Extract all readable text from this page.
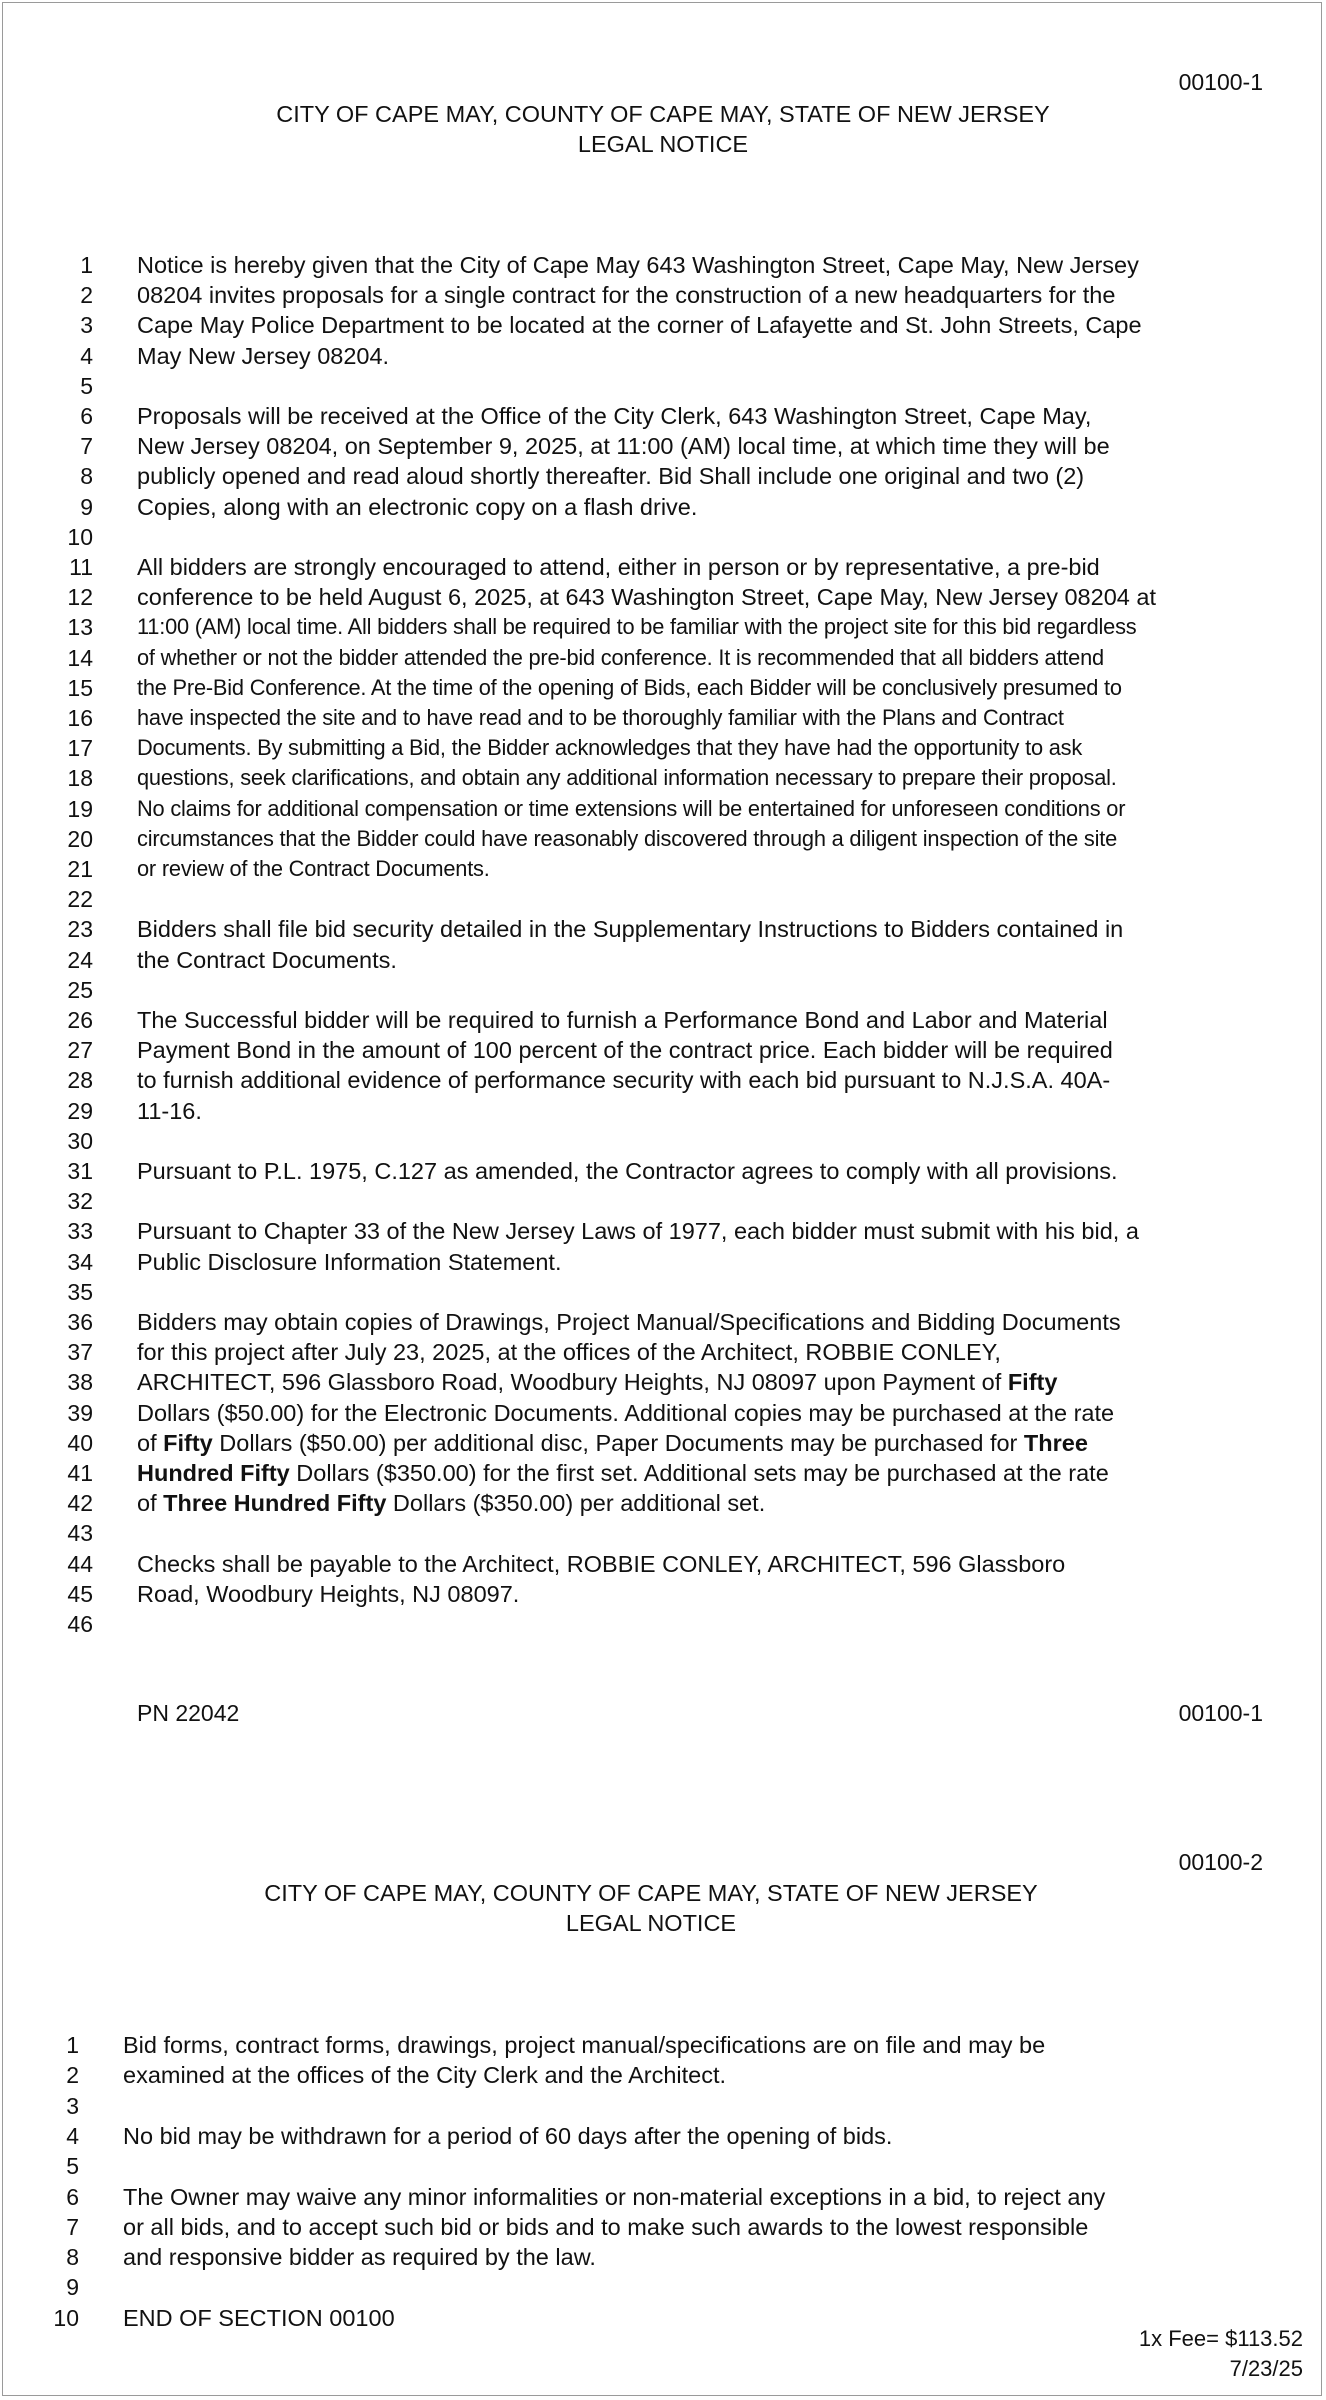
00100-1
CITY OF CAPE MAY, COUNTY OF CAPE MAY, STATE OF NEW JERSEY
LEGAL NOTICE
1 Notice is hereby given that the City of Cape May 643 Washington Street, Cape May, New Jersey
2 08204 invites proposals for a single contract for the construction of a new headquarters for the
3 Cape May Police Department to be located at the corner of Lafayette and St. John Streets, Cape
4 May New Jersey 08204.
5
6 Proposals will be received at the Office of the City Clerk, 643 Washington Street, Cape May,
7 New Jersey 08204, on September 9, 2025, at 11:00 (AM) local time, at which time they will be
8 publicly opened and read aloud shortly thereafter. Bid Shall include one original and two (2)
9 Copies, along with an electronic copy on a flash drive.
10
11 All bidders are strongly encouraged to attend, either in person or by representative, a pre-bid
12 conference to be held August 6, 2025, at 643 Washington Street, Cape May, New Jersey 08204 at
13 11:00 (AM) local time. All bidders shall be required to be familiar with the project site for this bid regardless
14 of whether or not the bidder attended the pre-bid conference. It is recommended that all bidders attend
15 the Pre-Bid Conference. At the time of the opening of Bids, each Bidder will be conclusively presumed to
16 have inspected the site and to have read and to be thoroughly familiar with the Plans and Contract
17 Documents. By submitting a Bid, the Bidder acknowledges that they have had the opportunity to ask
18 questions, seek clarifications, and obtain any additional information necessary to prepare their proposal.
19 No claims for additional compensation or time extensions will be entertained for unforeseen conditions or
20 circumstances that the Bidder could have reasonably discovered through a diligent inspection of the site
21 or review of the Contract Documents.
22
23 Bidders shall file bid security detailed in the Supplementary Instructions to Bidders contained in
24 the Contract Documents.
25
26 The Successful bidder will be required to furnish a Performance Bond and Labor and Material
27 Payment Bond in the amount of 100 percent of the contract price. Each bidder will be required
28 to furnish additional evidence of performance security with each bid pursuant to N.J.S.A. 40A-
29 11-16.
30
31 Pursuant to P.L. 1975, C.127 as amended, the Contractor agrees to comply with all provisions.
32
33 Pursuant to Chapter 33 of the New Jersey Laws of 1977, each bidder must submit with his bid, a
34 Public Disclosure Information Statement.
35
36 Bidders may obtain copies of Drawings, Project Manual/Specifications and Bidding Documents
37 for this project after July 23, 2025, at the offices of the Architect, ROBBIE CONLEY,
38 ARCHITECT, 596 Glassboro Road, Woodbury Heights, NJ 08097 upon Payment of Fifty
39 Dollars ($50.00) for the Electronic Documents. Additional copies may be purchased at the rate
40 of Fifty Dollars ($50.00) per additional disc, Paper Documents may be purchased for Three
41 Hundred Fifty Dollars ($350.00) for the first set. Additional sets may be purchased at the rate
42 of Three Hundred Fifty Dollars ($350.00) per additional set.
43
44 Checks shall be payable to the Architect, ROBBIE CONLEY, ARCHITECT, 596 Glassboro
45 Road, Woodbury Heights, NJ 08097.
46
PN 22042	00100-1
00100-2
CITY OF CAPE MAY, COUNTY OF CAPE MAY, STATE OF NEW JERSEY
LEGAL NOTICE
1 Bid forms, contract forms, drawings, project manual/specifications are on file and may be
2 examined at the offices of the City Clerk and the Architect.
3
4 No bid may be withdrawn for a period of 60 days after the opening of bids.
5
6 The Owner may waive any minor informalities or non-material exceptions in a bid, to reject any
7 or all bids, and to accept such bid or bids and to make such awards to the lowest responsible
8 and responsive bidder as required by the law.
9
10 END OF SECTION 00100
1x Fee= $113.52
7/23/25
